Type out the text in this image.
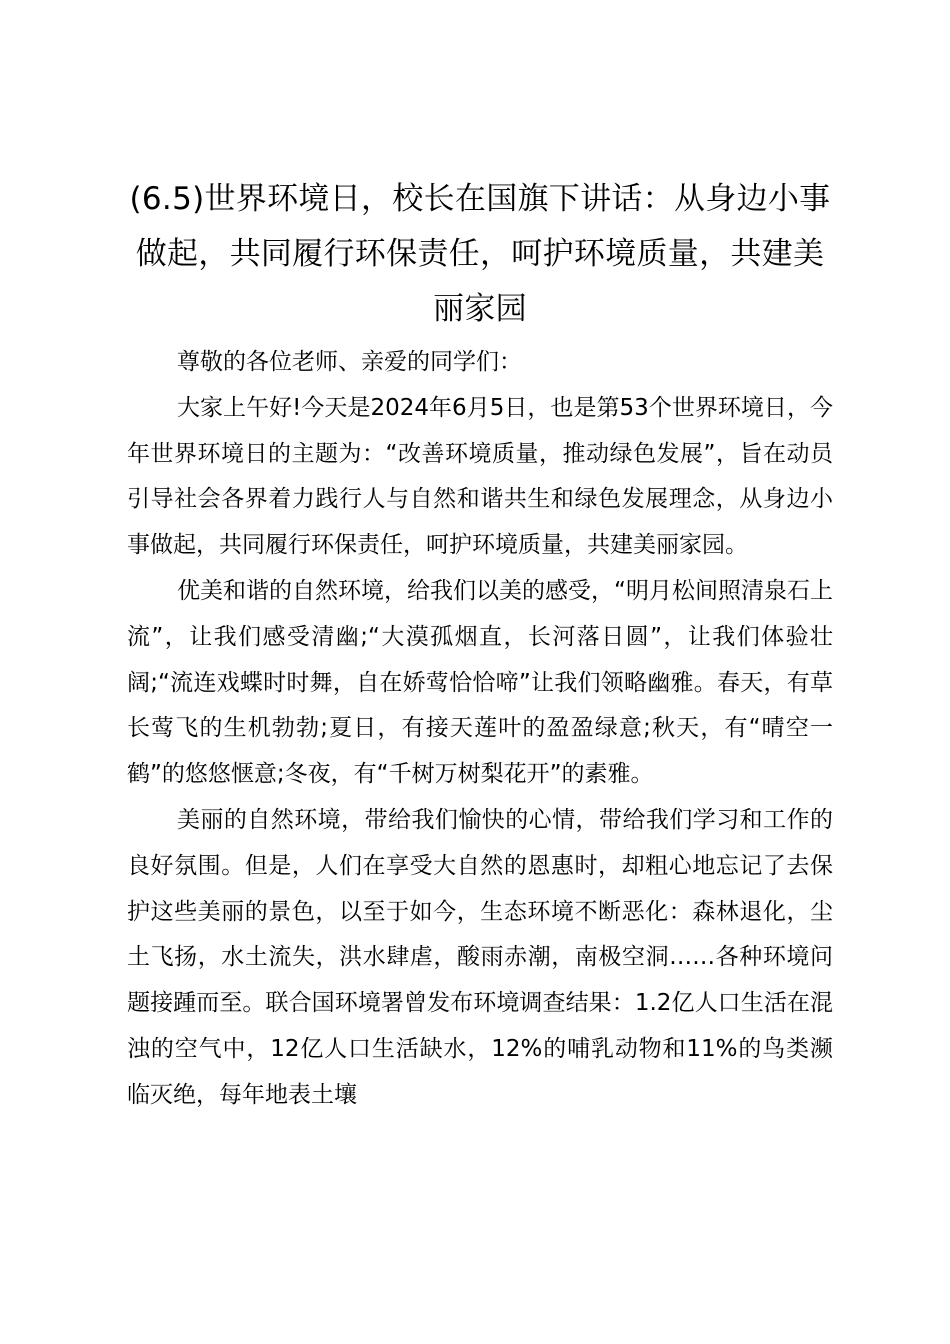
(6.5)世界环境日，校长在国旗下讲话：从身边小事做起，共同履行环保责任，呵护环境质量，共建美丽家园

尊敬的各位老师、亲爱的同学们：

大家上午好!今天是2024年6月5日，也是第53个世界环境日，今年世界环境日的主题为：“改善环境质量，推动绿色发展”，旨在动员引导社会各界着力践行人与自然和谐共生和绿色发展理念，从身边小事做起，共同履行环保责任，呵护环境质量，共建美丽家园。

优美和谐的自然环境，给我们以美的感受，“明月松间照清泉石上流”，让我们感受清幽;“大漠孤烟直，长河落日圆”，让我们体验壮阔;“流连戏蝶时时舞，自在娇莺恰恰啼”让我们领略幽雅。春天，有草长莺飞的生机勃勃;夏日，有接天莲叶的盈盈绿意;秋天，有“晴空一鹤”的悠悠惬意;冬夜，有“千树万树梨花开”的素雅。

美丽的自然环境，带给我们愉快的心情，带给我们学习和工作的良好氛围。但是，人们在享受大自然的恩惠时，却粗心地忘记了去保护这些美丽的景色，以至于如今，生态环境不断恶化：森林退化，尘土飞扬，水土流失，洪水肆虐，酸雨赤潮，南极空洞……各种环境问题接踵而至。联合国环境署曾发布环境调查结果：1.2亿人口生活在混浊的空气中，12亿人口生活缺水，12%的哺乳动物和11%的鸟类濒临灭绝，每年地表土壤
